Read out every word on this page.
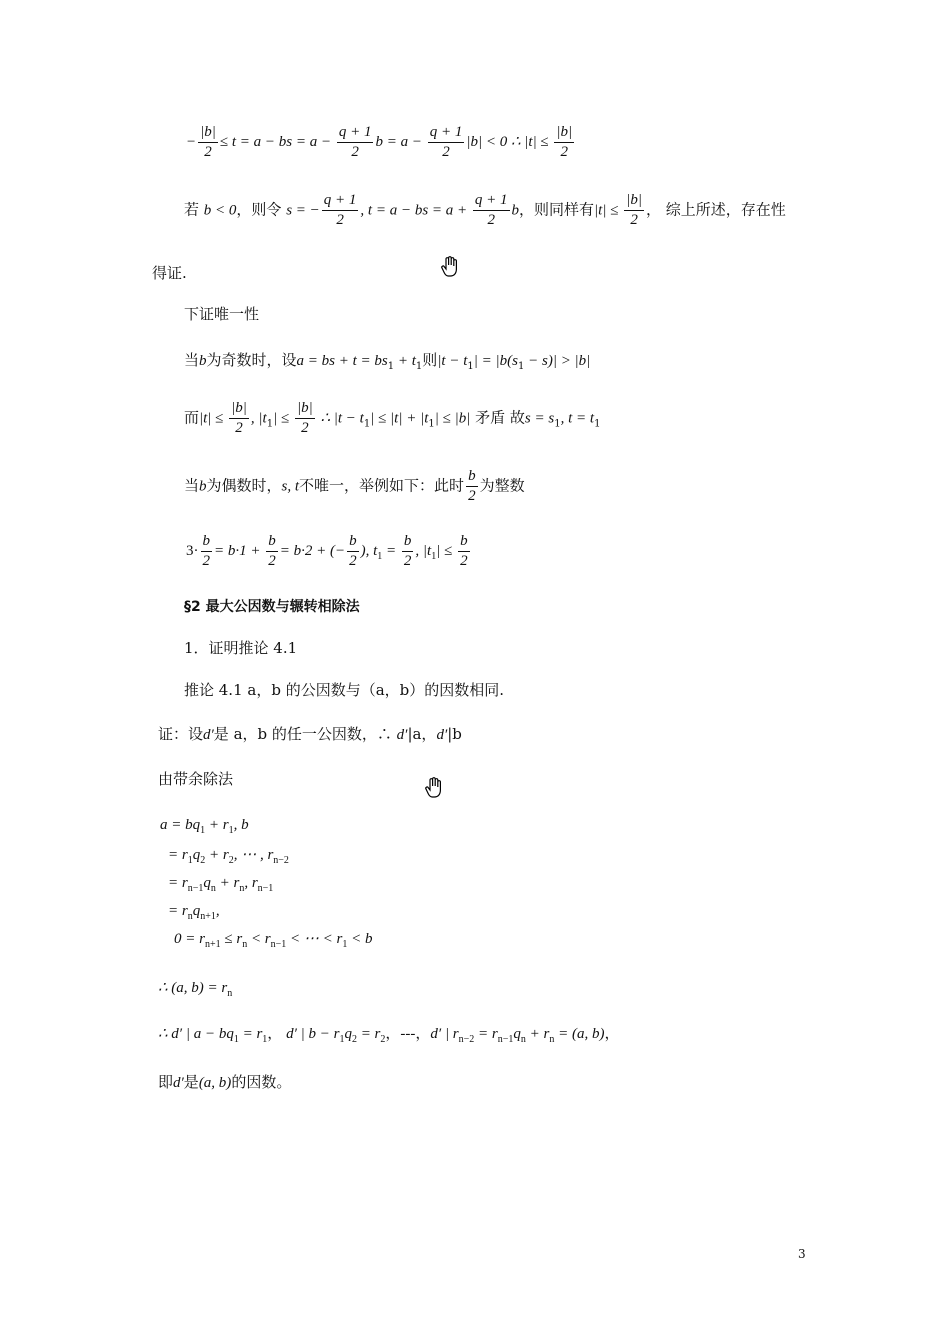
− $\frac{|b|}{2} \le t = a$ − bs = $a - \frac{q + 1}{2}$ $b = a - \frac{q + 1}{2} |b| < 0$ ∴ $|t| \le \frac{|b|}{2}$
若 b < 0，则令 s = − $\frac{q + 1}{2}$ , t = a − bs = $a + \frac{q + 1}{2}$ b，则同样有$|t| \le \frac{|b|}{2}$ ， 综上所述，存在性
得证.
下证唯一性
当b为奇数时，设a = bs + $t = bs_1 + t_1$则$|t - t_1| = |b(s_1 - s)| > |b|$
而$|t| \le \frac{|b|}{2}$ , $|t_1| \le \frac{|b|}{2}$ ∴ $|t - t_1| \le |t| + |t_1| \le |b|$ 矛盾 故$s = s_1$, $t = t_1$
当b为偶数时，s, t不唯一，举例如下：此时 $\frac{b}{2}$ 为整数
$3\cdot \frac{b}{2} = b\cdot 1 + \frac{b}{2} = b\cdot 2$ + (− $\frac{b}{2}$ ), $t_1 = \frac{b}{2}$ , $|t_1| \le \frac{b}{2}$
§2 最大公因数与辗转相除法
1．证明推论 4.1
推论 4.1 a，b 的公因数与（a，b）的因数相同.
证：设d′是 a，b 的任一公因数，∴ d′|a，d′|b
由带余除法
$a = bq_1 + r_1$, b
= $r_1q_2 + r_2$, ⋯ , $r_{n-2}$
= $r_{n-1}q_n + r_n$, $r_{n-1}$
= $r_nq_{n+1}$,
$0 = r_{n+1} \le r_n < r_{n-1}$ < ⋯ < $r_1 < b$
∴ (a, $b) = r_n$
∴ d′ | $a - bq_1 = r_1$， d′ | $b - r_1q_2 = r_2$，---，d′ | $r_{n-2} = r_{n-1}q_n + r_n = (a$, b)，
即d′是(a, b)的因数。
3
